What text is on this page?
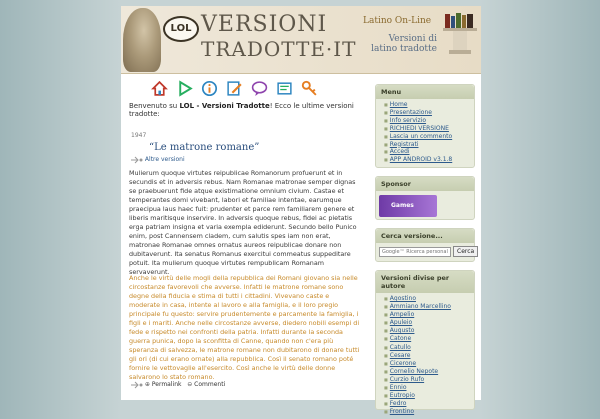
LOL VERSIONI
TRADOTTE·IT
Latino On-Line
Versioni di
latino tradotte
Benvenuto su LOL - Versioni Tradotte! Ecco le ultime versioni tradotte:
1947
“Le matrone romane”
Altre versioni

Mulierum quoque virtutes reipublicae Romanorum profuerunt et in secundis et in adversis rebus. Nam Romanae matronae semper dignas se praebuerunt fide atque existimatione omnium civium. Castae et temperantes domi vivebant, labori et familiae intentae, earumque praecipua laus haec fuit: prudenter et parce rem familiarem genere et liberis maritisque inservire. In adversis quoque rebus, fidei ac pietatis erga patriam insigna et varia exempla ediderunt. Secundo bello Punico enim, post Cannensem cladem, cum salutis spes iam non erat, matronae Romanae omnes ornatus aureos reipublicae donare non dubitaverunt. Ita senatus Romanus exercitui commeatus suppeditare potuit. Ita mulierum quoque virtutes rempublicam Romanam servaverunt.

Anche le virtù delle mogli della repubblica dei Romani giovano sia nelle circostanze favorevoli che avverse. Infatti le matrone romane sono degne della fiducia e stima di tutti i cittadini. Vivevano caste e moderate in casa, intente al lavoro e alla famiglia, e il loro pregio principale fu questo: servire prudentemente e parcamente la famiglia, i figli e i mariti. Anche nelle circostanze avverse, diedero nobili esempi di fede e rispetto nei confronti della patria. Infatti durante la seconda guerra punica, dopo la sconfitta di Canne, quando non c'era più speranza di salvezza, le matrone romane non dubitarono di donare tutti gli ori (di cui erano ornate) alla repubblica. Così il senato romano poté fornire le vettovaglie all'esercito. Così anche le virtù delle donne salvarono lo stato romano.

⊕ Permalink ⊖ Commenti
Menu
■ Home
■ Presentazione
■ Info servizio
■ RICHIEDI VERSIONE
■ Lascia un commento
■ Registrati
■ Accedi
■ APP ANDROID v3.1.8
Sponsor
Games
Cerca versione...
Google™ Ricerca personalizzata
Cerca
Versioni divise per autore
■ Agostino
■ Ammiano Marcellino
■ Ampelio
■ Apuleio
■ Augusto
■ Catone
■ Catullo
■ Cesare
■ Cicerone
■ Cornelio Nepote
■ Curzio Rufo
■ Ennio
■ Eutropio
■ Fedro
■ Frontino
